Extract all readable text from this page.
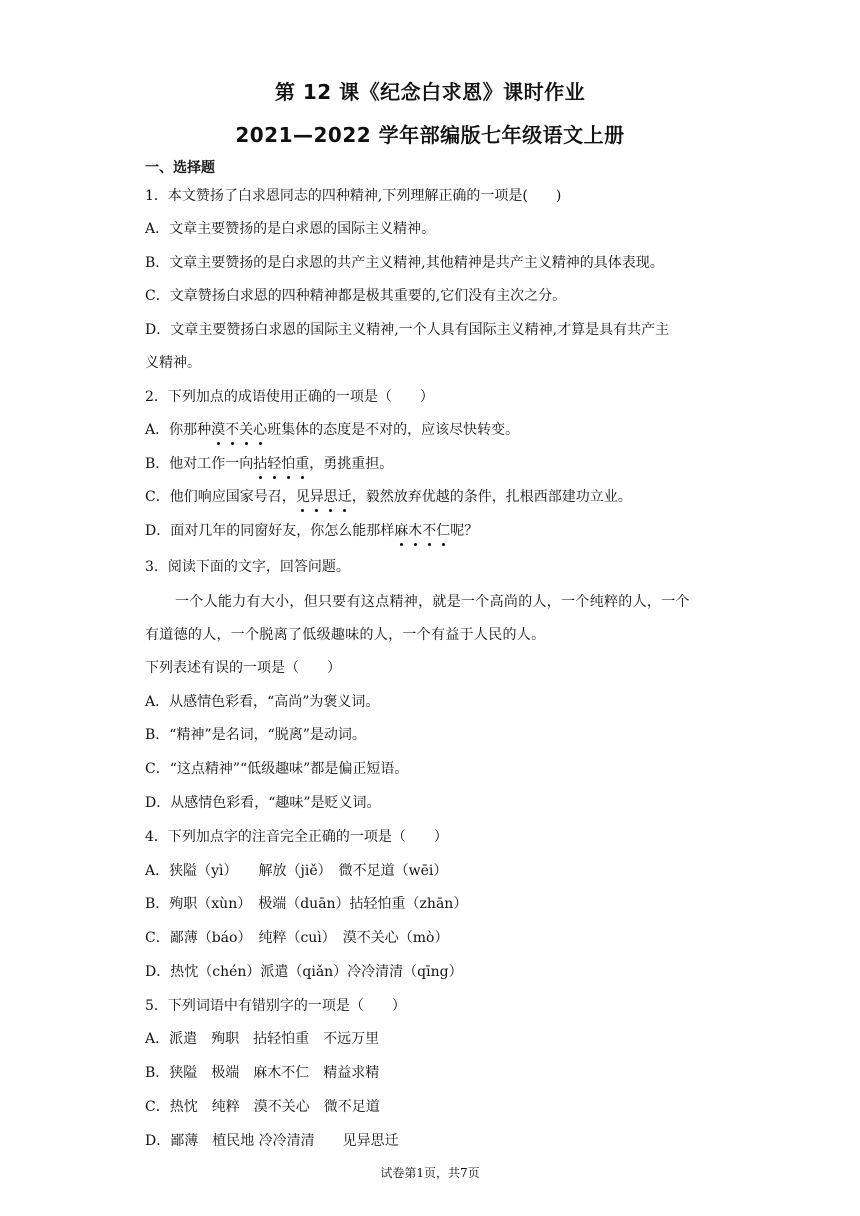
第 12 课《纪念白求恩》课时作业
2021—2022 学年部编版七年级语文上册
一、选择题
1．本文赞扬了白求恩同志的四种精神,下列理解正确的一项是(　　)
A．文章主要赞扬的是白求恩的国际主义精神。
B．文章主要赞扬的是白求恩的共产主义精神,其他精神是共产主义精神的具体表现。
C．文章赞扬白求恩的四种精神都是极其重要的,它们没有主次之分。
D．文章主要赞扬白求恩的国际主义精神,一个人具有国际主义精神,才算是具有共产主
义精神。
2．下列加点的成语使用正确的一项是（　　）
A．你那种漠不关心班集体的态度是不对的，应该尽快转变。
B．他对工作一向拈轻怕重，勇挑重担。
C．他们响应国家号召，见异思迁，毅然放弃优越的条件，扎根西部建功立业。
D．面对几年的同窗好友，你怎么能那样麻木不仁呢？
3．阅读下面的文字，回答问题。
一个人能力有大小，但只要有这点精神，就是一个高尚的人，一个纯粹的人，一个
有道德的人，一个脱离了低级趣味的人，一个有益于人民的人。
下列表述有误的一项是（　　）
A．从感情色彩看，“高尚”为褒义词。
B．“精神”是名词，“脱离”是动词。
C．“这点精神”“低级趣味”都是偏正短语。
D．从感情色彩看，“趣味”是贬义词。
4．下列加点字的注音完全正确的一项是（　　）
A．狭隘（yì）　　解放（jiě）　微不足道（wēi）
B．殉职（xùn）　极端（duān）拈轻怕重（zhān）
C．鄙薄（báo）　纯粹（cuì）　漠不关心（mò）
D．热忱（chén）派遣（qiǎn）冷冷清清（qīng）
5．下列词语中有错别字的一项是（　　）
A．派遣　殉职　拈轻怕重　不远万里
B．狭隘　极端　麻木不仁　精益求精
C．热忱　纯粹　漠不关心　微不足道
D．鄙薄　植民地 冷冷清清　　见异思迁
试卷第1页，共7页
